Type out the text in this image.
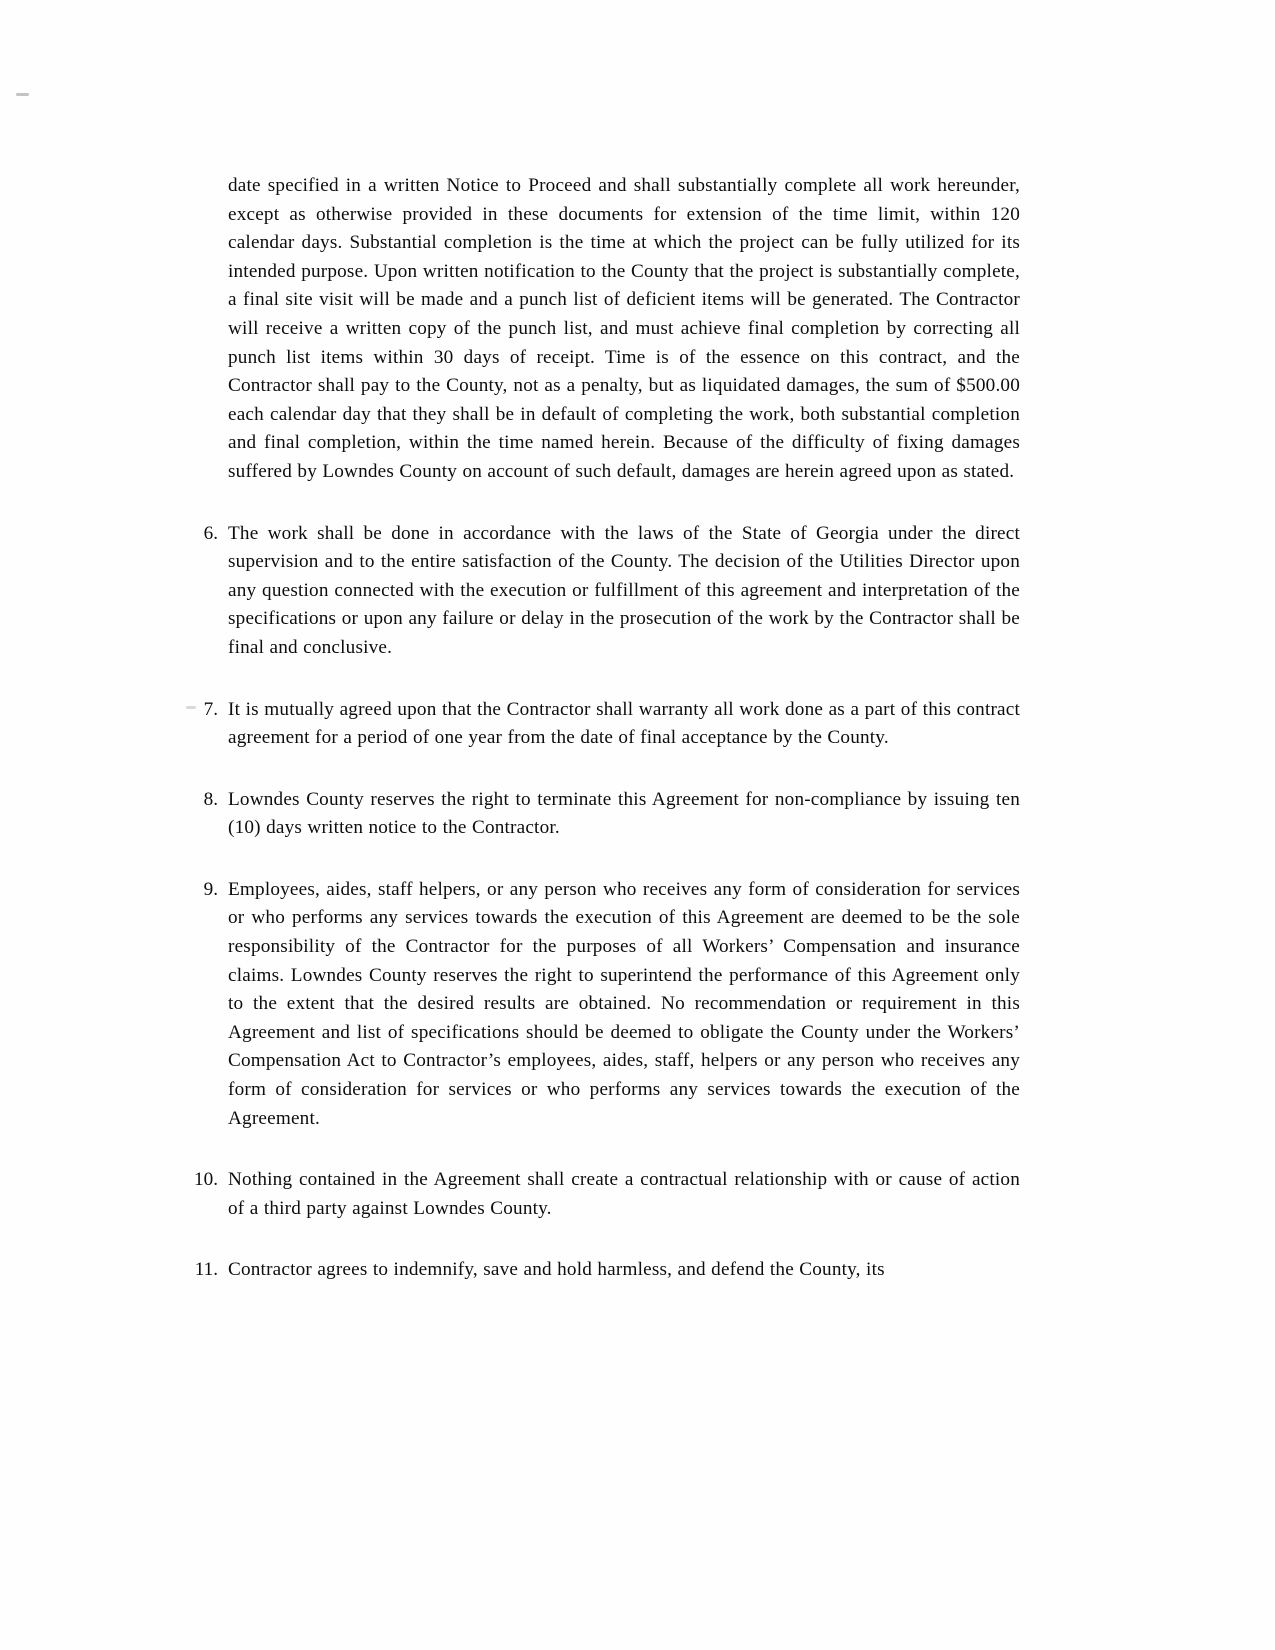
date specified in a written Notice to Proceed and shall substantially complete all work hereunder, except as otherwise provided in these documents for extension of the time limit, within 120 calendar days. Substantial completion is the time at which the project can be fully utilized for its intended purpose. Upon written notification to the County that the project is substantially complete, a final site visit will be made and a punch list of deficient items will be generated. The Contractor will receive a written copy of the punch list, and must achieve final completion by correcting all punch list items within 30 days of receipt. Time is of the essence on this contract, and the Contractor shall pay to the County, not as a penalty, but as liquidated damages, the sum of $500.00 each calendar day that they shall be in default of completing the work, both substantial completion and final completion, within the time named herein. Because of the difficulty of fixing damages suffered by Lowndes County on account of such default, damages are herein agreed upon as stated.

6. The work shall be done in accordance with the laws of the State of Georgia under the direct supervision and to the entire satisfaction of the County. The decision of the Utilities Director upon any question connected with the execution or fulfillment of this agreement and interpretation of the specifications or upon any failure or delay in the prosecution of the work by the Contractor shall be final and conclusive.
7. It is mutually agreed upon that the Contractor shall warranty all work done as a part of this contract agreement for a period of one year from the date of final acceptance by the County.
8. Lowndes County reserves the right to terminate this Agreement for non-compliance by issuing ten (10) days written notice to the Contractor.
9. Employees, aides, staff helpers, or any person who receives any form of consideration for services or who performs any services towards the execution of this Agreement are deemed to be the sole responsibility of the Contractor for the purposes of all Workers’ Compensation and insurance claims. Lowndes County reserves the right to superintend the performance of this Agreement only to the extent that the desired results are obtained. No recommendation or requirement in this Agreement and list of specifications should be deemed to obligate the County under the Workers’ Compensation Act to Contractor’s employees, aides, staff, helpers or any person who receives any form of consideration for services or who performs any services towards the execution of the Agreement.
10. Nothing contained in the Agreement shall create a contractual relationship with or cause of action of a third party against Lowndes County.
11. Contractor agrees to indemnify, save and hold harmless, and defend the County, its
